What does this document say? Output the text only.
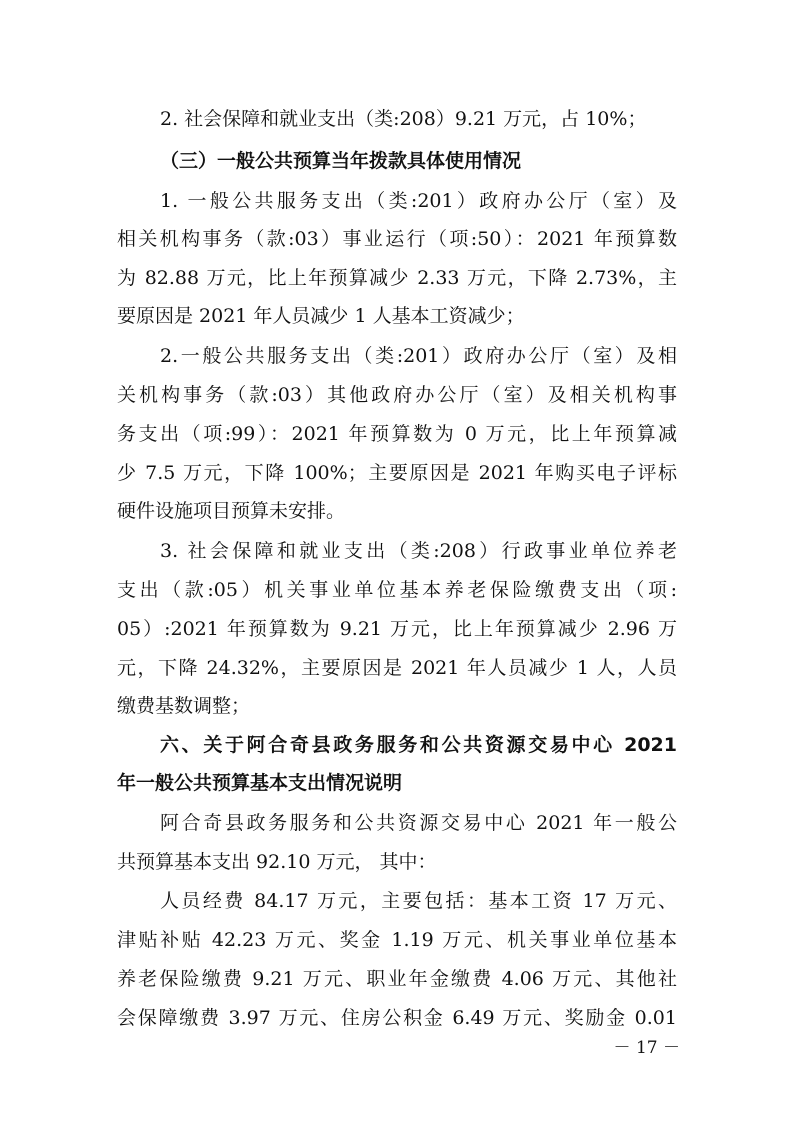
2. 社会保障和就业支出（类:208）9.21 万元，占 10%；
（三）一般公共预算当年拨款具体使用情况
1. 一般公共服务支出（类:201）政府办公厅（室）及
相关机构事务（款:03）事业运行（项:50）：2021 年预算数
为 82.88 万元，比上年预算减少 2.33 万元，下降 2.73%，主
要原因是 2021 年人员减少 1 人基本工资减少；
2.一般公共服务支出（类:201）政府办公厅（室）及相
关机构事务（款:03）其他政府办公厅（室）及相关机构事
务支出（项:99）：2021 年预算数为 0 万元，比上年预算减
少 7.5 万元，下降 100%；主要原因是 2021 年购买电子评标
硬件设施项目预算未安排。
3. 社会保障和就业支出（类:208）行政事业单位养老
支出（款:05）机关事业单位基本养老保险缴费支出（项:
05）:2021 年预算数为 9.21 万元，比上年预算减少 2.96 万
元，下降 24.32%，主要原因是 2021 年人员减少 1 人，人员
缴费基数调整；
六、关于阿合奇县政务服务和公共资源交易中心 2021
年一般公共预算基本支出情况说明
阿合奇县政务服务和公共资源交易中心 2021 年一般公
共预算基本支出 92.10 万元， 其中：
人员经费 84.17 万元，主要包括：基本工资 17 万元、
津贴补贴 42.23 万元、奖金 1.19 万元、机关事业单位基本
养老保险缴费 9.21 万元、职业年金缴费 4.06 万元、其他社
会保障缴费 3.97 万元、住房公积金 6.49 万元、奖励金 0.01
－ 17 －
